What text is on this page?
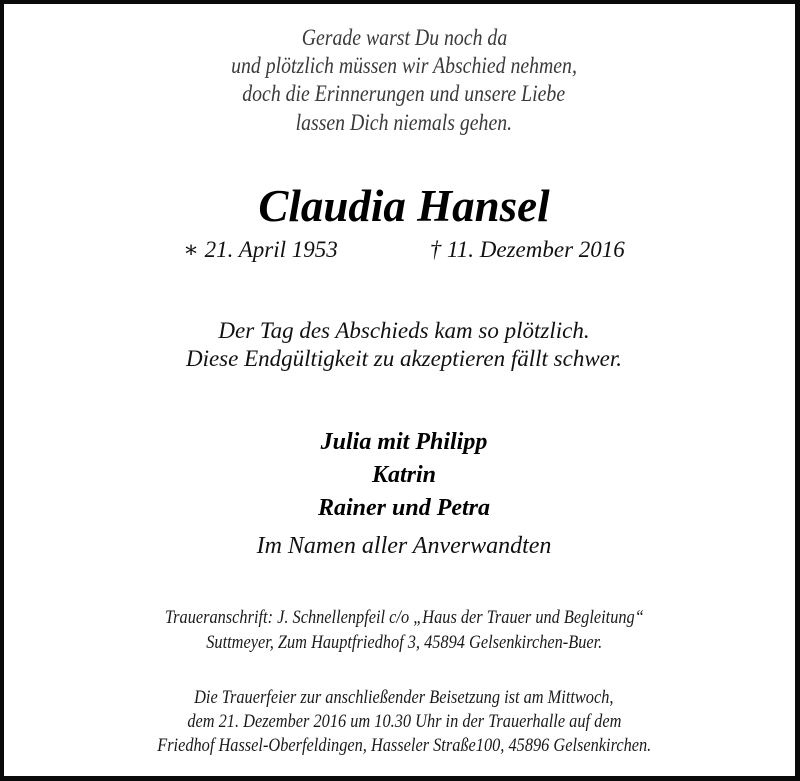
Gerade warst Du noch da
und plötzlich müssen wir Abschied nehmen,
doch die Erinnerungen und unsere Liebe
lassen Dich niemals gehen.
Claudia Hansel
∗ 21. April 1953	† 11. Dezember 2016
Der Tag des Abschieds kam so plötzlich.
Diese Endgültigkeit zu akzeptieren fällt schwer.
Julia mit Philipp
Katrin
Rainer und Petra
Im Namen aller Anverwandten
Traueranschrift: J. Schnellenpfeil c/o „Haus der Trauer und Begleitung“
Suttmeyer, Zum Hauptfriedhof 3, 45894 Gelsenkirchen-Buer.
Die Trauerfeier zur anschließender Beisetzung ist am Mittwoch,
dem 21. Dezember 2016 um 10.30 Uhr in der Trauerhalle auf dem
Friedhof Hassel-Oberfeldingen, Hasseler Straße100, 45896 Gelsenkirchen.
